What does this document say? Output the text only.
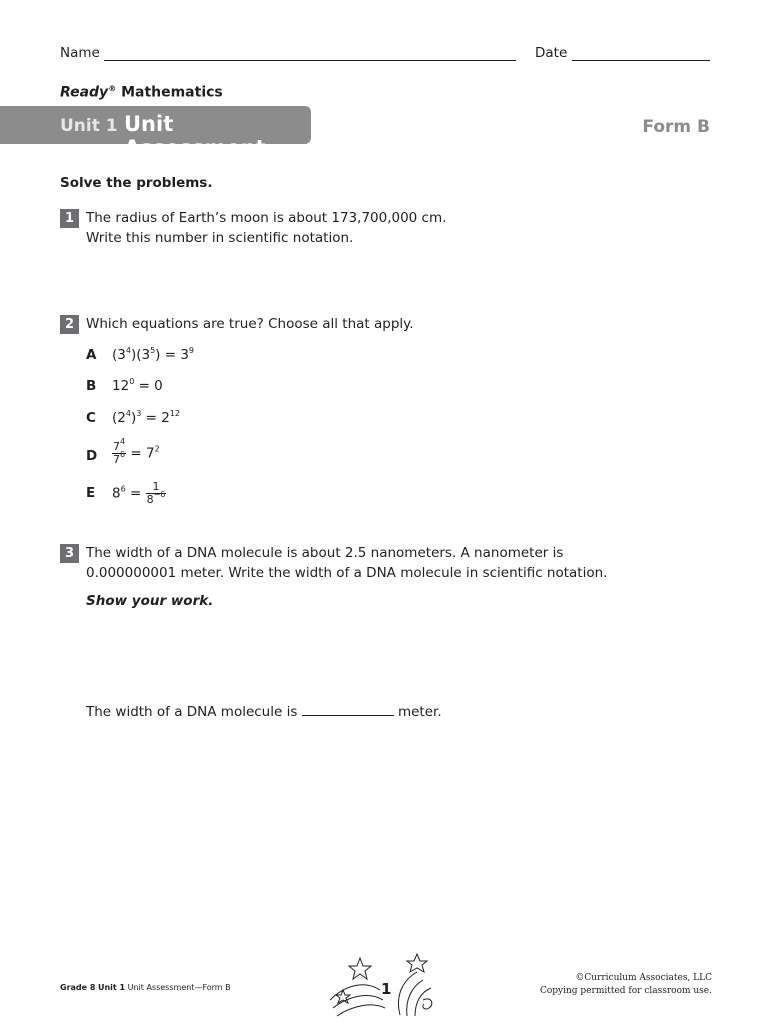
Name	Date
Ready® Mathematics
Unit 1 Unit Assessment
Form B
Solve the problems.
1 The radius of Earth’s moon is about 173,700,000 cm.
Write this number in scientific notation.
2 Which equations are true? Choose all that apply.
A $(3^4)(3^5) = 3^9$
B $12^0 = 0$
C $(2^4)^3 = 2^{12}$
D $\frac{7^4}{7^6} = 7^2$
E $8^6 = \frac{1}{8^{-6}}$
3 The width of a DNA molecule is about 2.5 nanometers. A nanometer is
0.000000001 meter. Write the width of a DNA molecule in scientific notation.
Show your work.
The width of a DNA molecule is	meter.
Grade 8 Unit 1 Unit Assessment—Form B	1
©Curriculum Associates, LLC
Copying permitted for classroom use.
